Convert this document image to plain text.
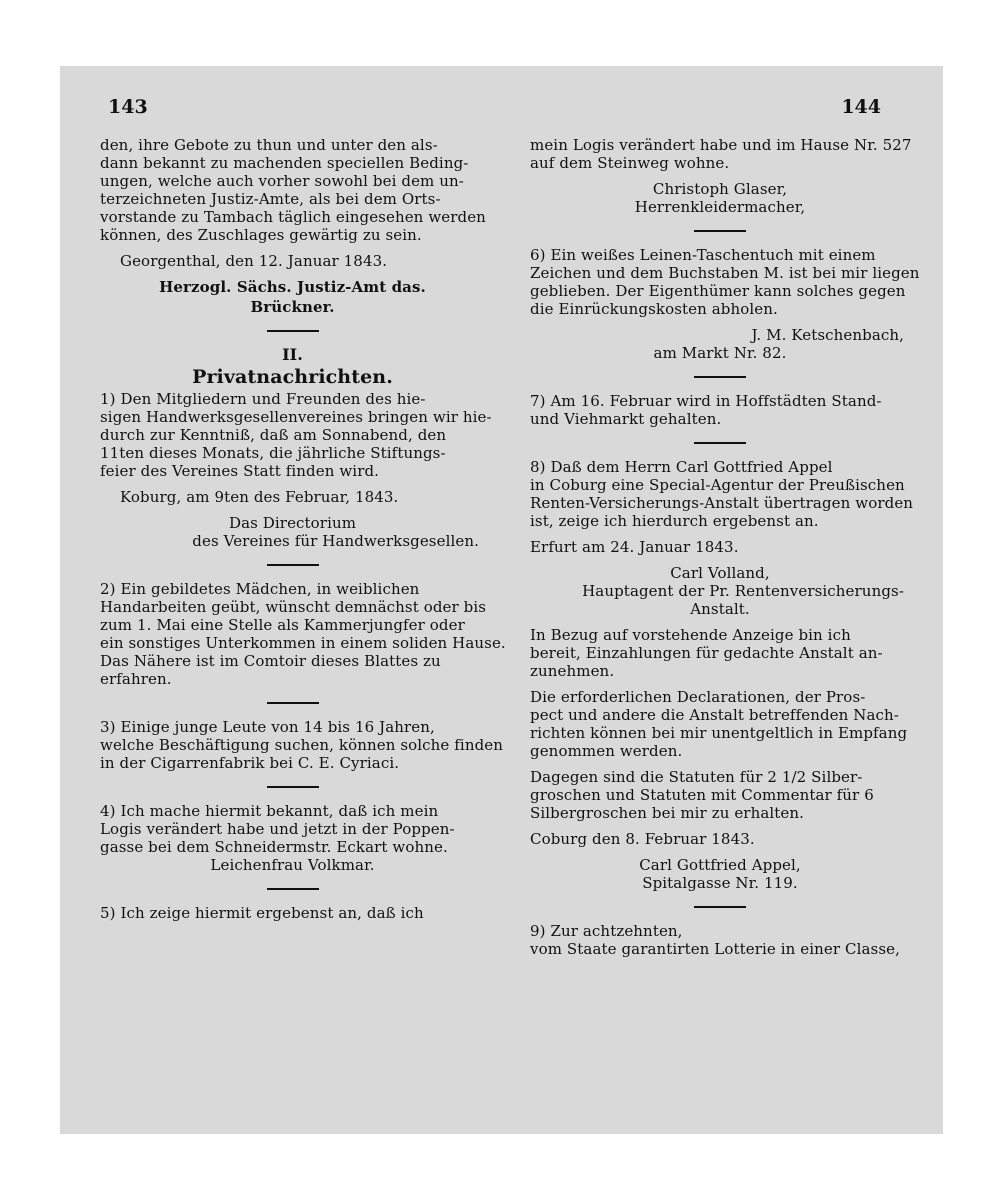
143	144
den, ihre Gebote zu thun und unter den als-
dann bekannt zu machenden speciellen Beding-
ungen, welche auch vorher sowohl bei dem un-
terzeichneten Justiz-Amte, als bei dem Orts-
vorstande zu Tambach täglich eingesehen werden
können, des Zuschlages gewärtig zu sein.
Georgenthal, den 12. Januar 1843.
Herzogl. Sächs. Justiz-Amt das.
Brückner.
II.
Privatnachrichten.
1) Den Mitgliedern und Freunden des hie-
sigen Handwerksgesellenvereines bringen wir hie-
durch zur Kenntniß, daß am Sonnabend, den
11ten dieses Monats, die jährliche Stiftungs-
feier des Vereines Statt finden wird.
Koburg, am 9ten des Februar, 1843.
Das Directorium
des Vereines für Handwerksgesellen.
2) Ein gebildetes Mädchen, in weiblichen
Handarbeiten geübt, wünscht demnächst oder bis
zum 1. Mai eine Stelle als Kammerjungfer oder
ein sonstiges Unterkommen in einem soliden Hause.
Das Nähere ist im Comtoir dieses Blattes zu
erfahren.
3) Einige junge Leute von 14 bis 16 Jahren,
welche Beschäftigung suchen, können solche finden
in der Cigarrenfabrik bei C. E. Cyriaci.
4) Ich mache hiermit bekannt, daß ich mein
Logis verändert habe und jetzt in der Poppen-
gasse bei dem Schneidermstr. Eckart wohne.
Leichenfrau Volkmar.
5) Ich zeige hiermit ergebenst an, daß ich
mein Logis verändert habe und im Hause Nr. 527
auf dem Steinweg wohne.
Christoph Glaser,
Herrenkleidermacher,
6) Ein weißes Leinen-Taschentuch mit einem
Zeichen und dem Buchstaben M. ist bei mir liegen
geblieben. Der Eigenthümer kann solches gegen
die Einrückungskosten abholen.
J. M. Ketschenbach,
am Markt Nr. 82.
7) Am 16. Februar wird in Hoffstädten Stand-
und Viehmarkt gehalten.
8) Daß dem Herrn Carl Gottfried Appel
in Coburg eine Special-Agentur der Preußischen
Renten-Versicherungs-Anstalt übertragen worden
ist, zeige ich hierdurch ergebenst an.
Erfurt am 24. Januar 1843.
Carl Volland,
Hauptagent der Pr. Rentenversicherungs-
Anstalt.
In Bezug auf vorstehende Anzeige bin ich
bereit, Einzahlungen für gedachte Anstalt an-
zunehmen.
Die erforderlichen Declarationen, der Pros-
pect und andere die Anstalt betreffenden Nach-
richten können bei mir unentgeltlich in Empfang
genommen werden.
Dagegen sind die Statuten für 2 1/2 Silber-
groschen und Statuten mit Commentar für 6
Silbergroschen bei mir zu erhalten.
Coburg den 8. Februar 1843.
Carl Gottfried Appel,
Spitalgasse Nr. 119.
9) Zur achtzehnten,
vom Staate garantirten Lotterie in einer Classe,
